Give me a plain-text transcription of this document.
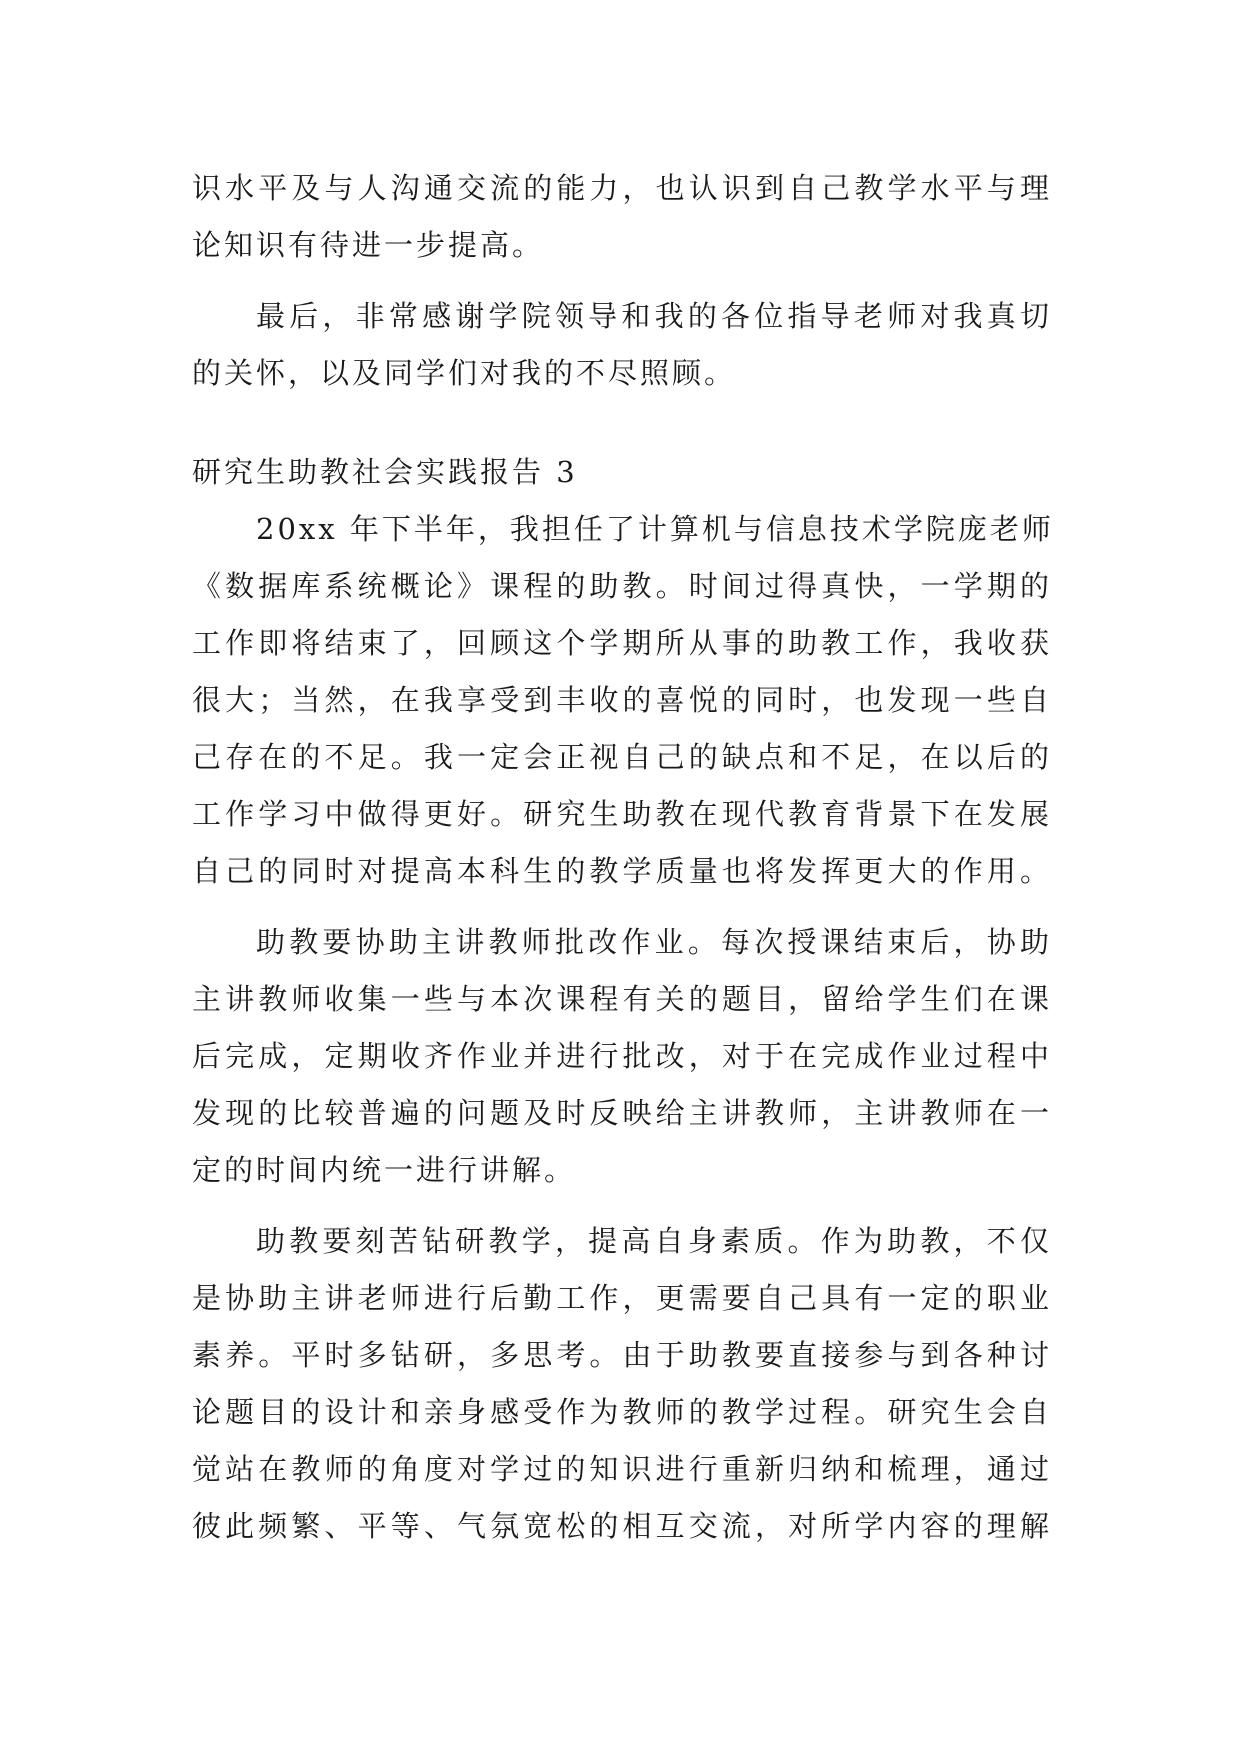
识水平及与人沟通交流的能力，也认识到自己教学水平与理
论知识有待进一步提高。
最后，非常感谢学院领导和我的各位指导老师对我真切
的关怀，以及同学们对我的不尽照顾。
研究生助教社会实践报告 3
20xx 年下半年，我担任了计算机与信息技术学院庞老师
《数据库系统概论》课程的助教。时间过得真快，一学期的
工作即将结束了，回顾这个学期所从事的助教工作，我收获
很大；当然，在我享受到丰收的喜悦的同时，也发现一些自
己存在的不足。我一定会正视自己的缺点和不足，在以后的
工作学习中做得更好。研究生助教在现代教育背景下在发展
自己的同时对提高本科生的教学质量也将发挥更大的作用。
助教要协助主讲教师批改作业。每次授课结束后，协助
主讲教师收集一些与本次课程有关的题目，留给学生们在课
后完成，定期收齐作业并进行批改，对于在完成作业过程中
发现的比较普遍的问题及时反映给主讲教师，主讲教师在一
定的时间内统一进行讲解。
助教要刻苦钻研教学，提高自身素质。作为助教，不仅
是协助主讲老师进行后勤工作，更需要自己具有一定的职业
素养。平时多钻研，多思考。由于助教要直接参与到各种讨
论题目的设计和亲身感受作为教师的教学过程。研究生会自
觉站在教师的角度对学过的知识进行重新归纳和梳理，通过
彼此频繁、平等、气氛宽松的相互交流，对所学内容的理解
